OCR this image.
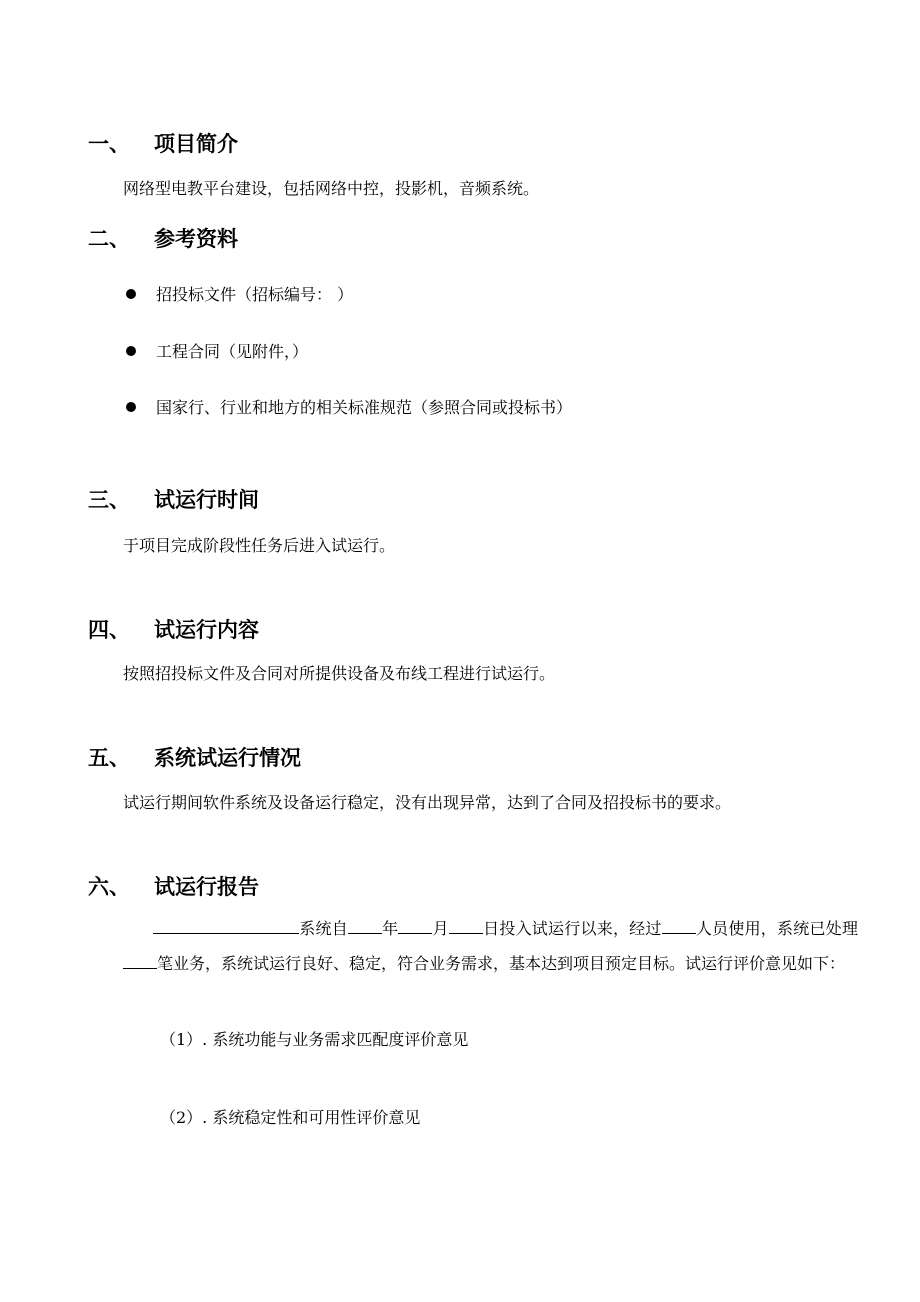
一、 项目简介
网络型电教平台建设，包括网络中控，投影机，音频系统。
二、 参考资料
招投标文件（招标编号： ）
工程合同（见附件，）
国家行、行业和地方的相关标准规范（参照合同或投标书）
三、 试运行时间
于项目完成阶段性任务后进入试运行。
四、 试运行内容
按照招投标文件及合同对所提供设备及布线工程进行试运行。
五、 系统试运行情况
试运行期间软件系统及设备运行稳定，没有出现异常，达到了合同及招投标书的要求。
六、 试运行报告
系统自 年 月 日投入试运行以来，经过 人员使用，系统已处理笔业务，系统试运行良好、稳定，符合业务需求，基本达到项目预定目标。试运行评价意见如下：
（1）. 系统功能与业务需求匹配度评价意见
（2）. 系统稳定性和可用性评价意见
